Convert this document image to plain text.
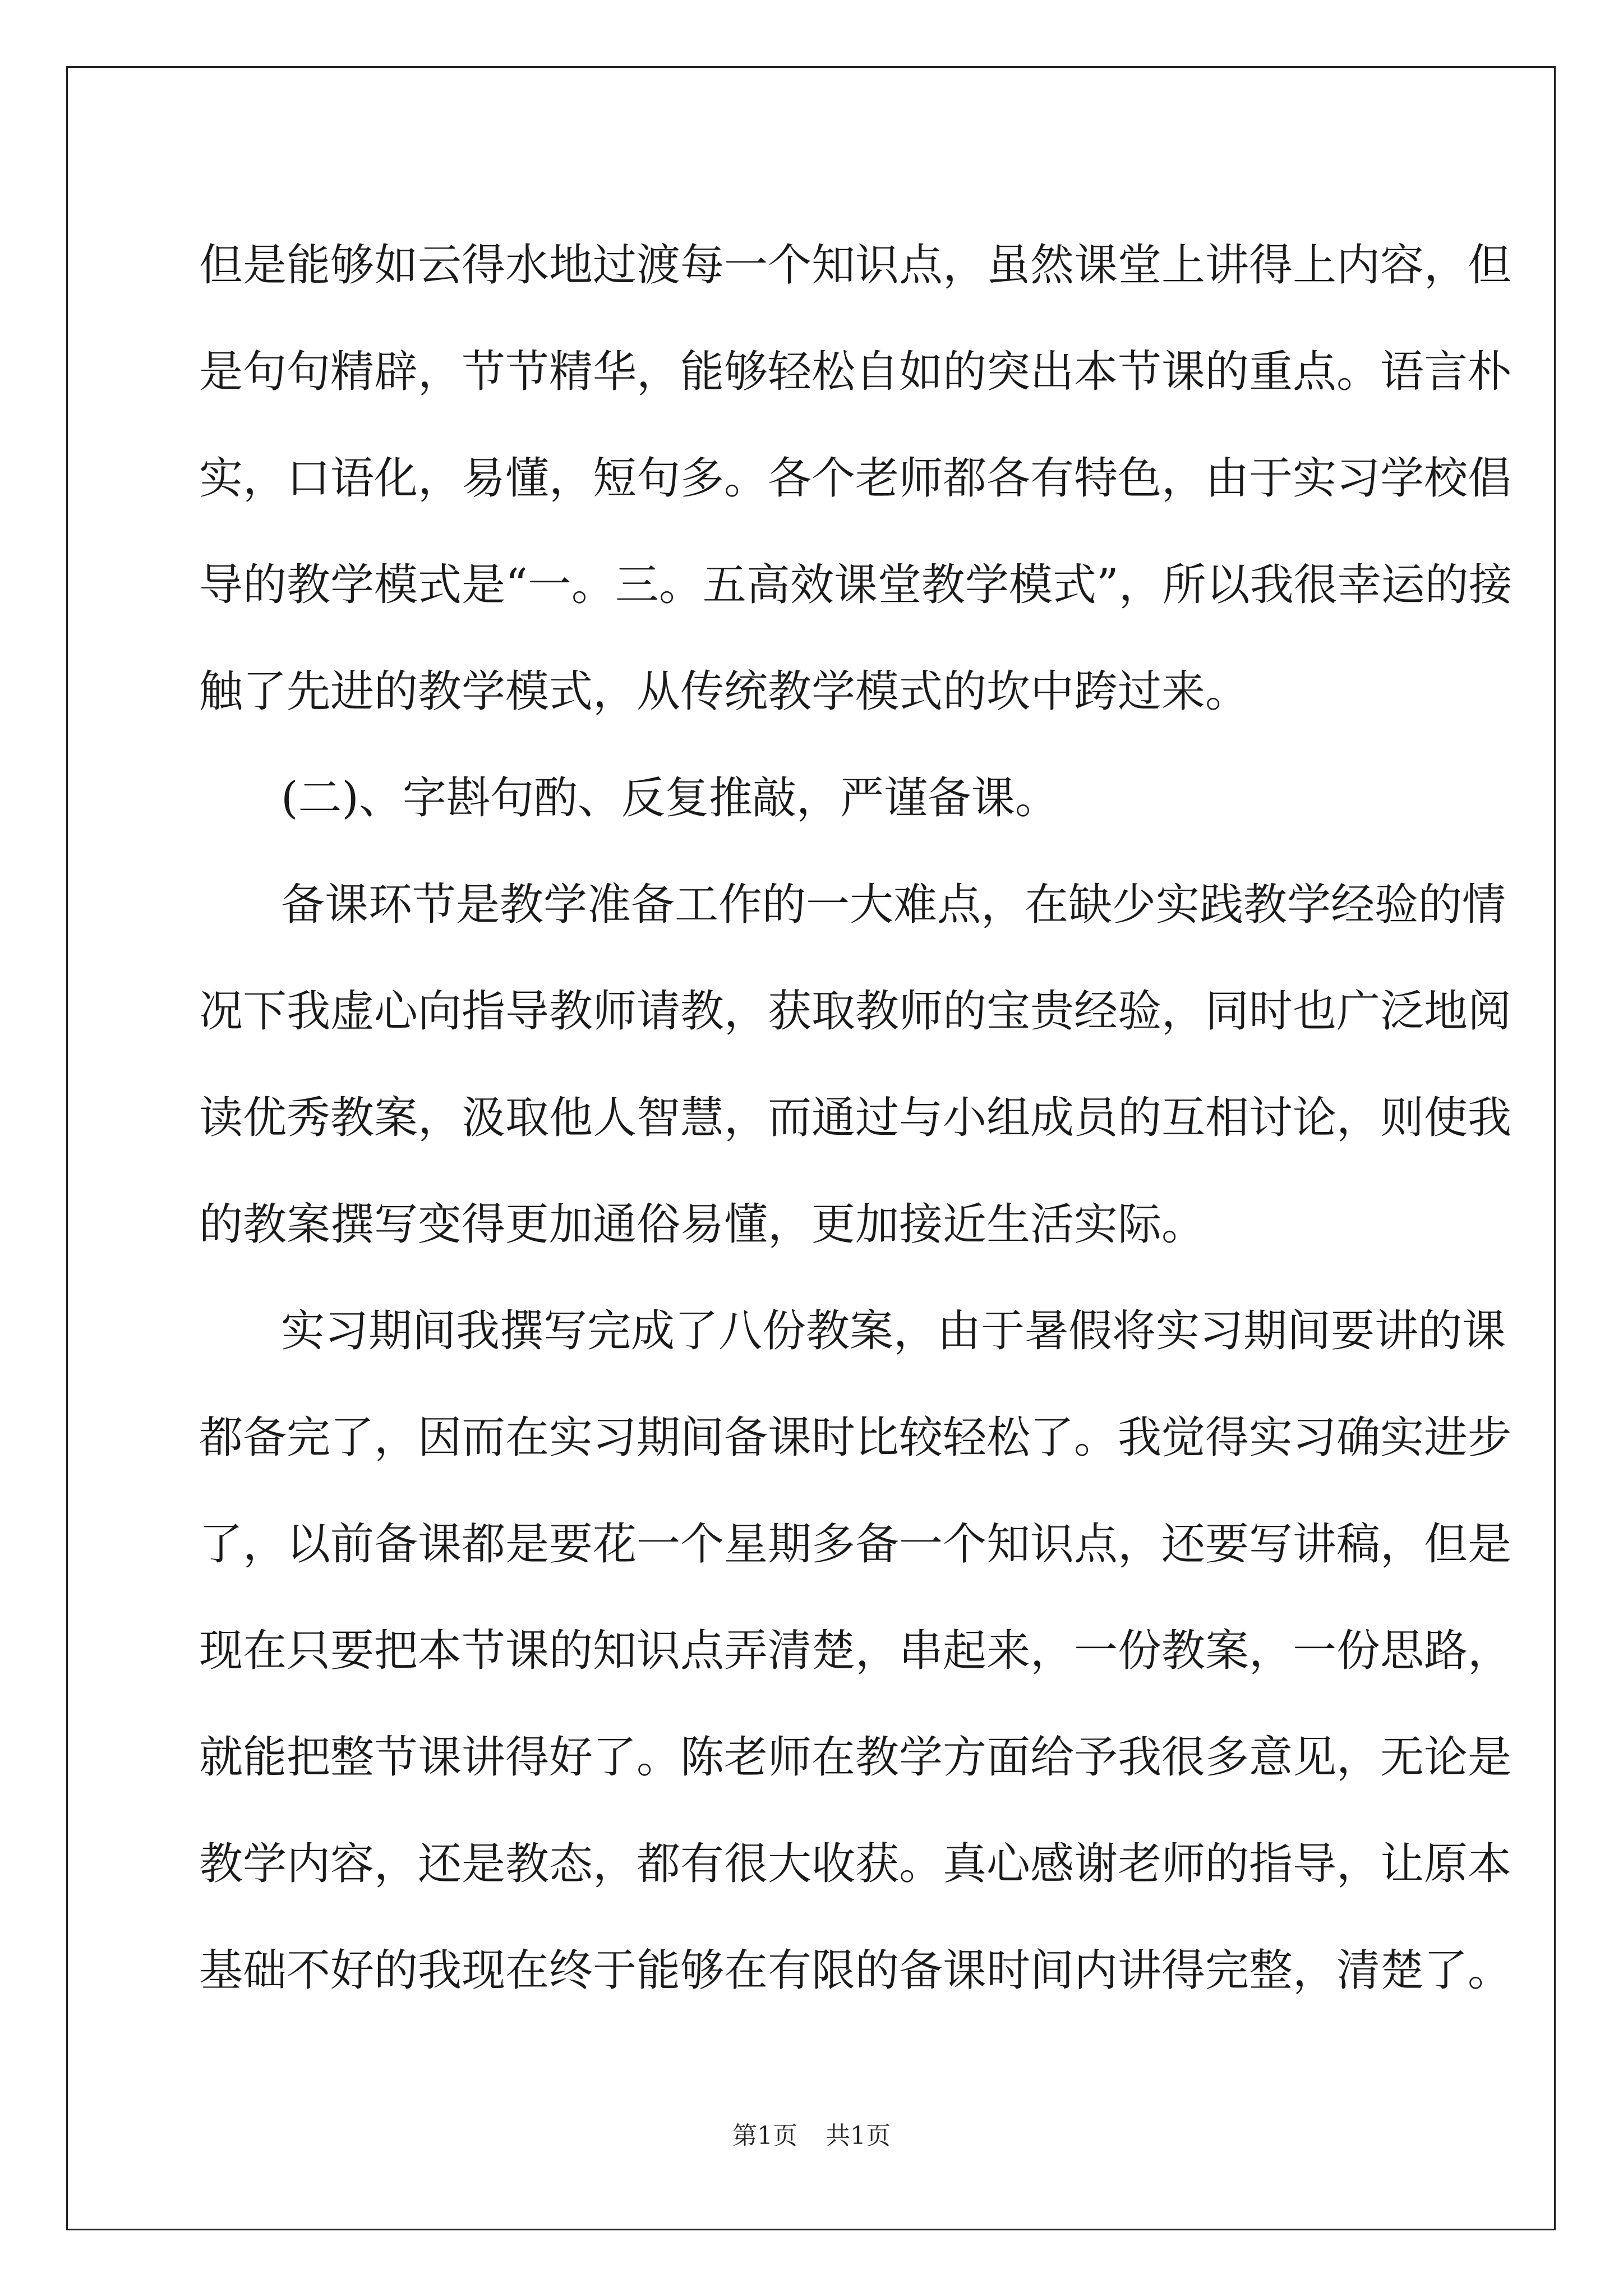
但是能够如云得水地过渡每一个知识点，虽然课堂上讲得上内容，但
是句句精辟，节节精华，能够轻松自如的突出本节课的重点。语言朴
实，口语化，易懂，短句多。各个老师都各有特色，由于实习学校倡
导的教学模式是“一。三。五高效课堂教学模式”，所以我很幸运的接
触了先进的教学模式，从传统教学模式的坎中跨过来。
(二)、字斟句酌、反复推敲，严谨备课。
备课环节是教学准备工作的一大难点，在缺少实践教学经验的情
况下我虚心向指导教师请教，获取教师的宝贵经验，同时也广泛地阅
读优秀教案，汲取他人智慧，而通过与小组成员的互相讨论，则使我
的教案撰写变得更加通俗易懂，更加接近生活实际。
实习期间我撰写完成了八份教案，由于暑假将实习期间要讲的课
都备完了，因而在实习期间备课时比较轻松了。我觉得实习确实进步
了，以前备课都是要花一个星期多备一个知识点，还要写讲稿，但是
现在只要把本节课的知识点弄清楚，串起来，一份教案，一份思路，
就能把整节课讲得好了。陈老师在教学方面给予我很多意见，无论是
教学内容，还是教态，都有很大收获。真心感谢老师的指导，让原本
基础不好的我现在终于能够在有限的备课时间内讲得完整，清楚了。
第1页 共1页
